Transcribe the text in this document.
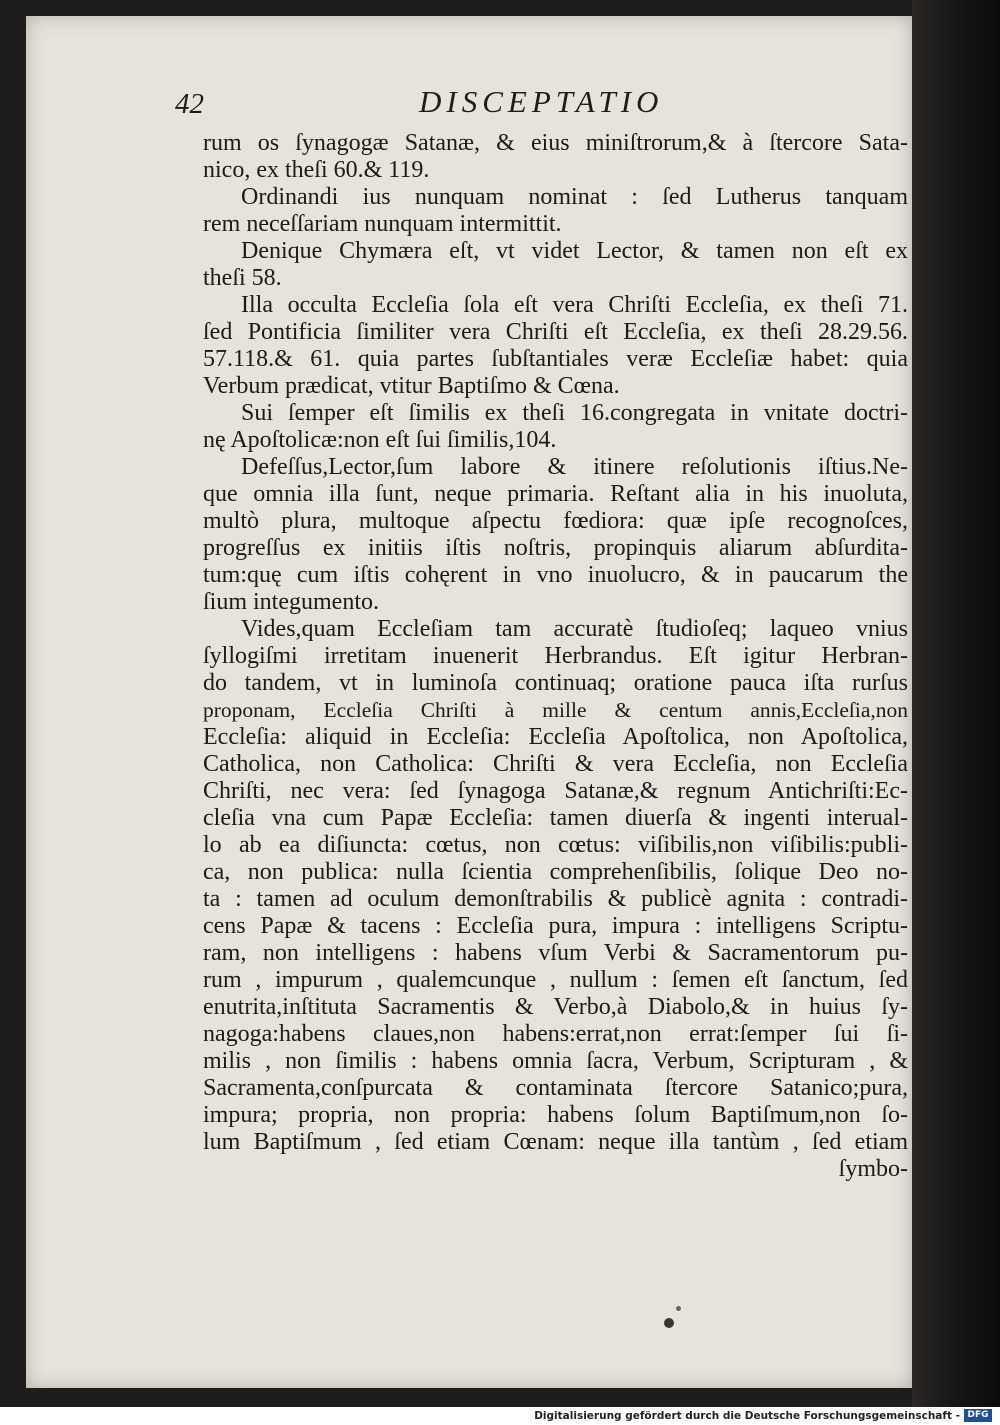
42	DISCEPTATIO
rum os ſynagogæ Satanæ, & eius miniſtrorum,& à ſtercore Sata-
nico, ex theſi 60.& 119.
Ordinandi ius nunquam nominat : ſed Lutherus tanquam
rem neceſſariam nunquam intermittit.
Denique Chymæra eſt, vt videt Lector, & tamen non eſt ex
theſi 58.
Illa occulta Eccleſia ſola eſt vera Chriſti Eccleſia, ex theſi 71.
ſed Pontificia ſimiliter vera Chriſti eſt Eccleſia, ex theſi 28.29.56.
57.118.& 61. quia partes ſubſtantiales veræ Eccleſiæ habet: quia
Verbum prædicat, vtitur Baptiſmo & Cœna.
Sui ſemper eſt ſimilis ex theſi 16.congregata in vnitate doctri-
nę Apoſtolicæ:non eſt ſui ſimilis,104.
Defeſſus,Lector,ſum labore & itinere reſolutionis iſtius.Ne-
que omnia illa ſunt, neque primaria. Reſtant alia in his inuoluta,
multò plura, multoque aſpectu fœdiora: quæ ipſe recognoſces,
progreſſus ex initiis iſtis noſtris, propinquis aliarum abſurdita-
tum:quę cum iſtis cohęrent in vno inuolucro, & in paucarum the
ſium integumento.
Vides,quam Eccleſiam tam accuratè ſtudioſeq; laqueo vnius
ſyllogiſmi irretitam inuenerit Herbrandus. Eſt igitur Herbran-
do tandem, vt in luminoſa continuaq; oratione pauca iſta rurſus
proponam, Eccleſia Chriſti à mille & centum annis,Eccleſia,non
Eccleſia: aliquid in Eccleſia: Eccleſia Apoſtolica, non Apoſtolica,
Catholica, non Catholica: Chriſti & vera Eccleſia, non Eccleſia
Chriſti, nec vera: ſed ſynagoga Satanæ,& regnum Antichriſti:Ec-
cleſia vna cum Papæ Eccleſia: tamen diuerſa & ingenti interual-
lo ab ea diſiuncta: cœtus, non cœtus: viſibilis,non viſibilis:publi-
ca, non publica: nulla ſcientia comprehenſibilis, ſolique Deo no-
ta : tamen ad oculum demonſtrabilis & publicè agnita : contradi-
cens Papæ & tacens : Eccleſia pura, impura : intelligens Scriptu-
ram, non intelligens : habens vſum Verbi & Sacramentorum pu-
rum , impurum , qualemcunque , nullum : ſemen eſt ſanctum, ſed
enutrita,inſtituta Sacramentis & Verbo,à Diabolo,& in huius ſy-
nagoga:habens claues,non habens:errat,non errat:ſemper ſui ſi-
milis , non ſimilis : habens omnia ſacra, Verbum, Scripturam , &
Sacramenta,conſpurcata & contaminata ſtercore Satanico;pura,
impura; propria, non propria: habens ſolum Baptiſmum,non ſo-
lum Baptiſmum , ſed etiam Cœnam: neque illa tantùm , ſed etiam
ſymbo-
Digitalisierung gefördert durch die Deutsche Forschungsgemeinschaft - DFG
